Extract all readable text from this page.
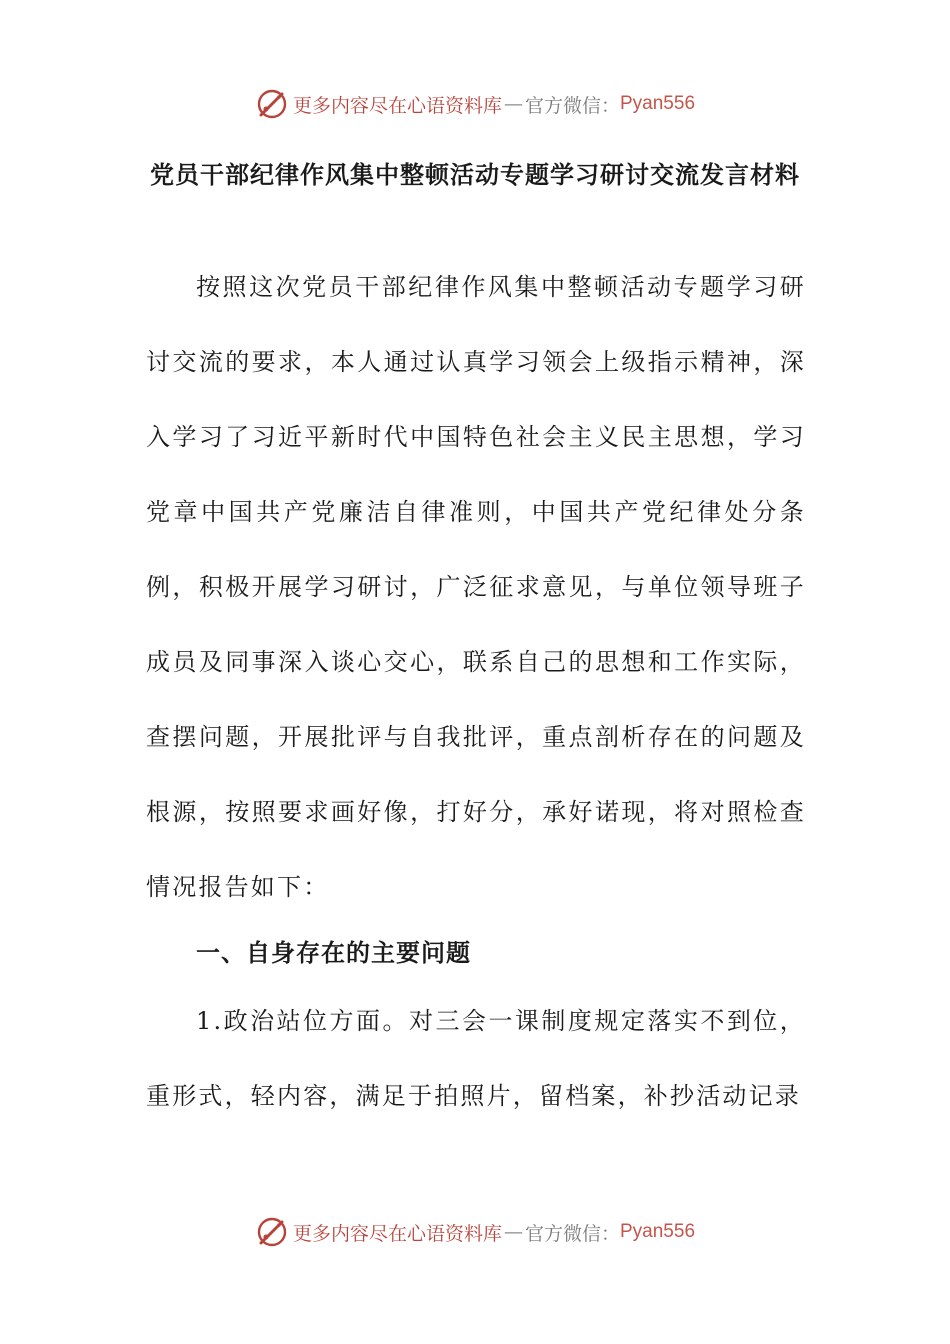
更多内容尽在心语资料库 — 官方微信： Pyan556
党员干部纪律作风集中整顿活动专题学习研讨交流发言材料

按照这次党员干部纪律作风集中整顿活动专题学习研讨交流的要求，本人通过认真学习领会上级指示精神，深入学习了习近平新时代中国特色社会主义民主思想，学习党章中国共产党廉洁自律准则，中国共产党纪律处分条例，积极开展学习研讨，广泛征求意见，与单位领导班子成员及同事深入谈心交心，联系自己的思想和工作实际，查摆问题，开展批评与自我批评，重点剖析存在的问题及根源，按照要求画好像，打好分，承好诺现，将对照检查情况报告如下：

一、自身存在的主要问题

1.政治站位方面。对三会一课制度规定落实不到位，重形式，轻内容，满足于拍照片，留档案，补抄活动记录

更多内容尽在心语资料库 — 官方微信： Pyan556
